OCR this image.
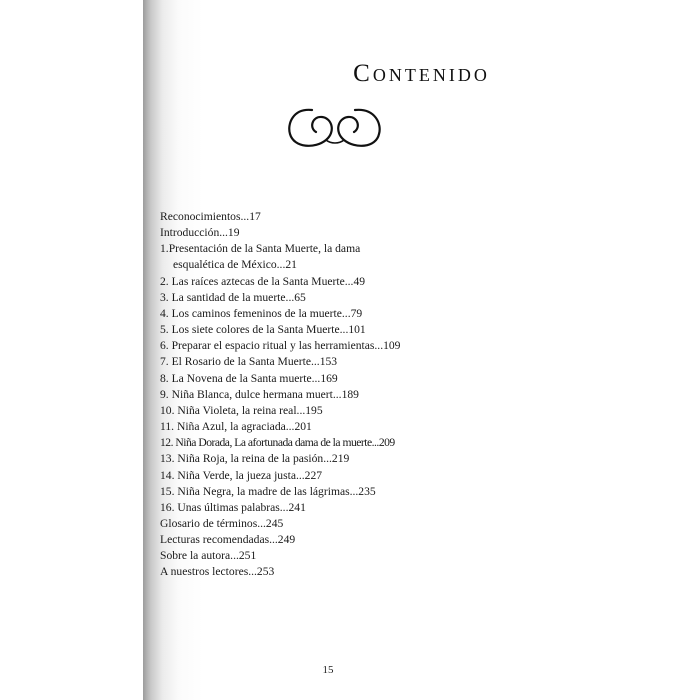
Contenido
Reconocimientos...17
Introducción...19
1.Presentación de la Santa Muerte, la dama
esqualética de México...21
2. Las raíces aztecas de la Santa Muerte...49
3. La santidad de la muerte...65
4. Los caminos femeninos de la muerte...79
5. Los siete colores de la Santa Muerte...101
6. Preparar el espacio ritual y las herramientas...109
7. El Rosario de la Santa Muerte...153
8. La Novena de la Santa muerte...169
9. Niña Blanca, dulce hermana muert...189
10. Niña Violeta, la reina real...195
11. Niña Azul, la agraciada...201
12. Niña Dorada, La afortunada dama de la muerte...209
13. Niña Roja, la reina de la pasión...219
14. Niña Verde, la jueza justa...227
15. Niña Negra, la madre de las lágrimas...235
16. Unas últimas palabras...241
Glosario de términos...245
Lecturas recomendadas...249
Sobre la autora...251
A nuestros lectores...253
15
